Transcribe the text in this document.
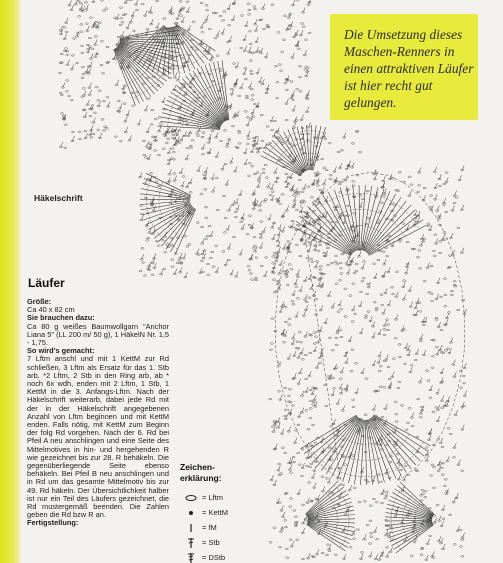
Die Umsetzung dieses Maschen-Renners in einen attraktiven Läufer ist hier recht gut gelungen.
Häkelschrift
Läufer
Größe:
Ca 40 x 82 cm
Sie brauchen dazu:
Ca 80 g weißes Baumwollgarn "Anchor Liana 5" (LL 200 m/ 50 g), 1 HäkelN Nr. 1,5 - 1,75.
So wird's gemacht:
7 Lftm anschl und mit 1 KettM zur Rd schließen, 3 Lftm als Ersatz für das 1. Stb arb, *2 Lftm, 2 Stb in den Ring arb, ab * noch 6x wdh, enden mit 2 Lftm, 1 Stb, 1 KettM in die 3. Anfangs-Lftm. Nach der Häkelschrift weiterarb, dabei jede Rd mit der in der Häkelschrift angegebenen Anzahl von Lftm beginnen und mit KettM enden. Falls nötig, mit KettM zum Beginn der folg Rd vorgehen. Nach der 6. Rd bei Pfeil A neu anschlingen und eine Seite des Mittelmotives in hin- und hergehenden R wie gezeichnet bis zur 28. R behäkeln. Die gegenüberliegende Seite ebenso behäkeln. Bei Pfeil B neu anschlingen und in Rd um das gesamte Mittelmotiv bis zur 49. Rd häkeln. Der Übersichtlichkeit halber ist nur ein Teil des Läufers gezeichnet, die Rd mustergemäß beenden. Die Zahlen geben die Rd bzw R an.
Fertigstellung:
Zeichen-erklärung:
= Lftm
= KettM
= fM
= Stb
= DStb
